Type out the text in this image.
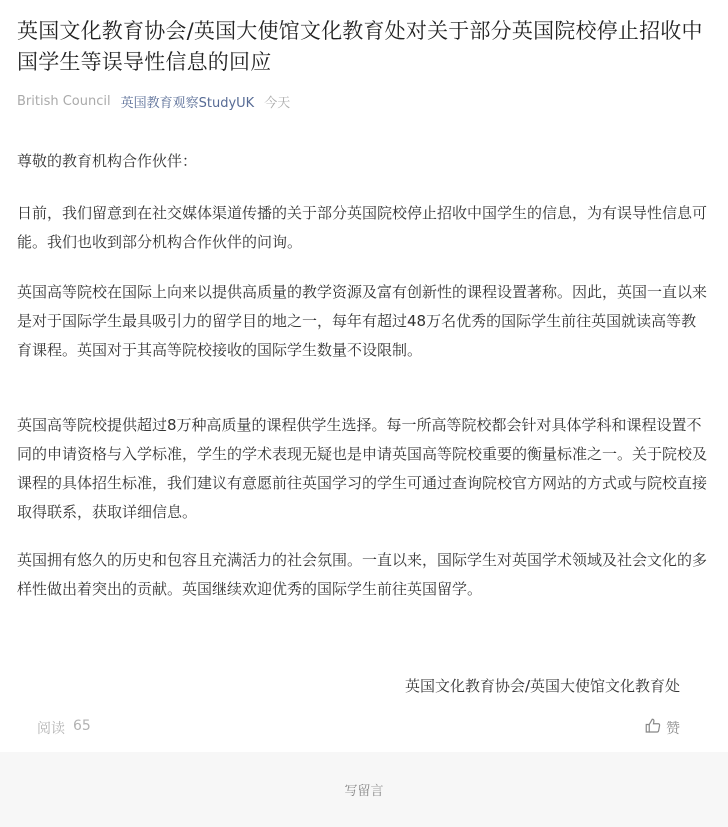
英国文化教育协会/英国大使馆文化教育处对关于部分英国院校停止招收中国学生等误导性信息的回应
British Council 英国教育观察StudyUK 今天

尊敬的教育机构合作伙伴：

日前，我们留意到在社交媒体渠道传播的关于部分英国院校停止招收中国学生的信息，为有误导性信息可能。我们也收到部分机构合作伙伴的问询。

英国高等院校在国际上向来以提供高质量的教学资源及富有创新性的课程设置著称。因此，英国一直以来是对于国际学生最具吸引力的留学目的地之一，每年有超过48万名优秀的国际学生前往英国就读高等教育课程。英国对于其高等院校接收的国际学生数量不设限制。

英国高等院校提供超过8万种高质量的课程供学生选择。每一所高等院校都会针对具体学科和课程设置不同的申请资格与入学标准，学生的学术表现无疑也是申请英国高等院校重要的衡量标准之一。关于院校及课程的具体招生标准，我们建议有意愿前往英国学习的学生可通过查询院校官方网站的方式或与院校直接取得联系，获取详细信息。

英国拥有悠久的历史和包容且充满活力的社会氛围。一直以来，国际学生对英国学术领域及社会文化的多样性做出着突出的贡献。英国继续欢迎优秀的国际学生前往英国留学。

英国文化教育协会/英国大使馆文化教育处
阅读 65	赞
写留言
